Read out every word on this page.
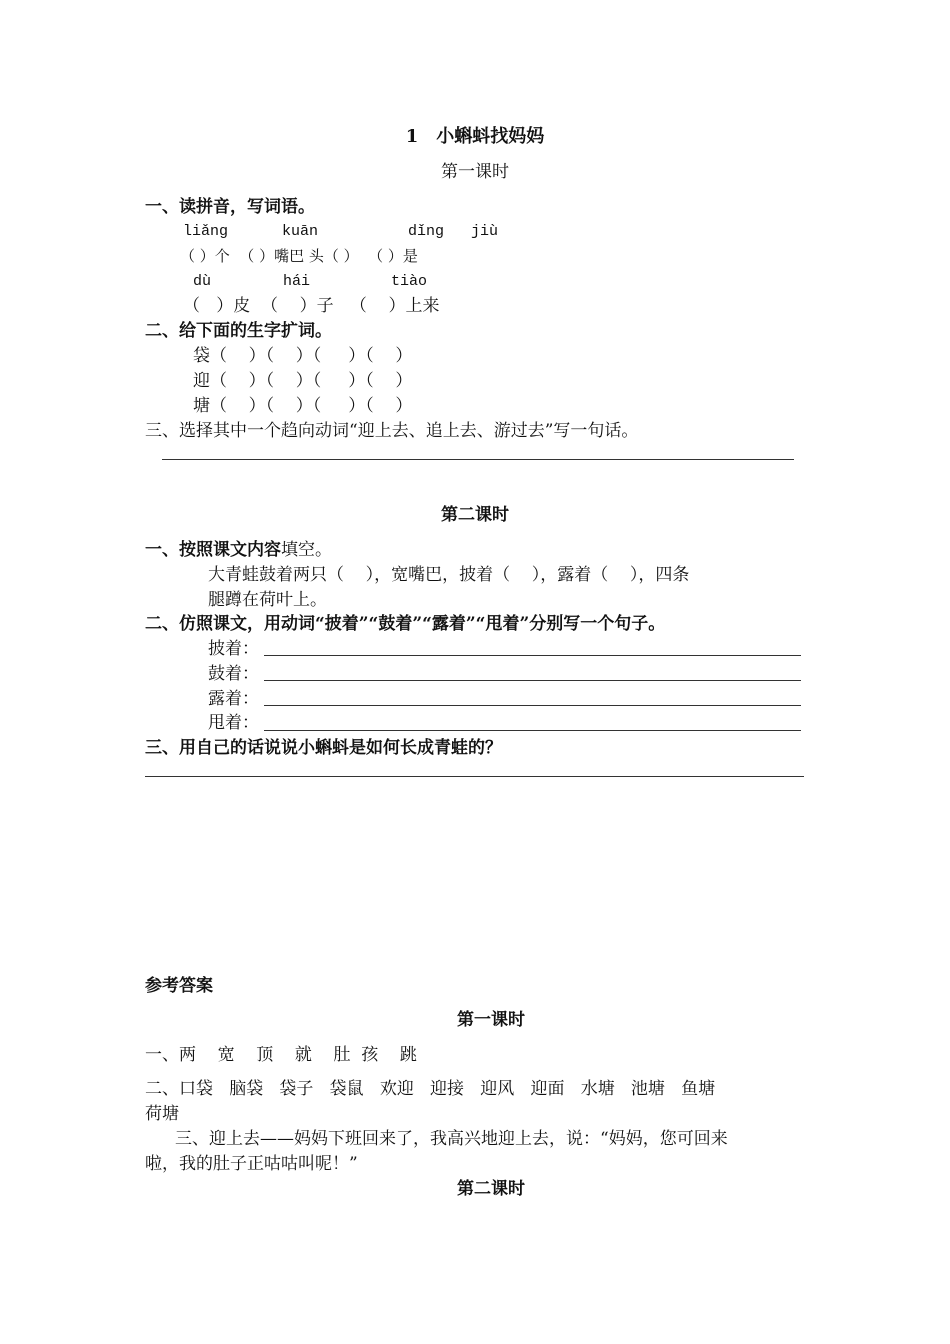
1　小蝌蚪找妈妈
第一课时
一、读拼音，写词语。
liǎng      kuān          dǐng   jiù
（ ）个  （ ）嘴巴 头（ ）  （ ）是
dù        hái         tiào
（   ）皮  （    ）子   （    ）上来
二、给下面的生字扩词。
袋（    ）（    ）（     ）（    ）
迎（    ）（    ）（     ）（    ）
塘（    ）（    ）（     ）（    ）
三、选择其中一个趋向动词“迎上去、追上去、游过去”写一句话。
第二课时
一、按照课文内容填空。
大青蛙鼓着两只（    ），宽嘴巴，披着（    ），露着（    ），四条
腿蹲在荷叶上。
二、仿照课文，用动词“披着”“鼓着”“露着”“甩着”分别写一个句子。
披着：
鼓着：
露着：
甩着：
三、用自己的话说说小蝌蚪是如何长成青蛙的？
参考答案
第一课时
一、两    宽    顶    就    肚  孩    跳
二、口袋   脑袋   袋子   袋鼠   欢迎   迎接   迎风   迎面   水塘   池塘   鱼塘
荷塘
三、迎上去——妈妈下班回来了，我高兴地迎上去，说：“妈妈，您可回来
啦，我的肚子正咕咕叫呢！”
第二课时
